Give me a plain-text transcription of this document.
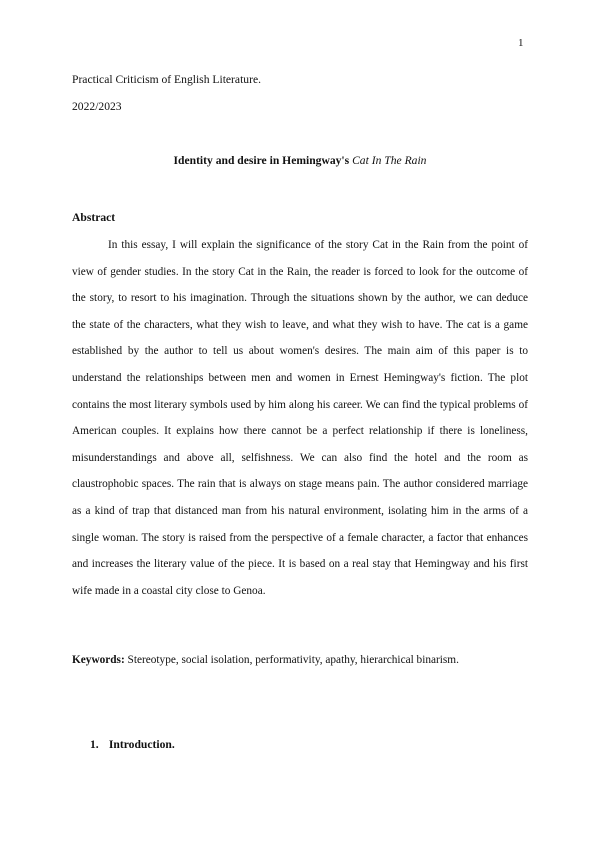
1
Practical Criticism of English Literature.
2022/2023
Identity and desire in Hemingway's Cat In The Rain
Abstract

In this essay, I will explain the significance of the story Cat in the Rain from the point of view of gender studies. In the story Cat in the Rain, the reader is forced to look for the outcome of the story, to resort to his imagination. Through the situations shown by the author, we can deduce the state of the characters, what they wish to leave, and what they wish to have. The cat is a game established by the author to tell us about women's desires. The main aim of this paper is to understand the relationships between men and women in Ernest Hemingway's fiction. The plot contains the most literary symbols used by him along his career. We can find the typical problems of American couples. It explains how there cannot be a perfect relationship if there is loneliness, misunderstandings and above all, selfishness. We can also find the hotel and the room as claustrophobic spaces. The rain that is always on stage means pain. The author considered marriage as a kind of trap that distanced man from his natural environment, isolating him in the arms of a single woman. The story is raised from the perspective of a female character, a factor that enhances and increases the literary value of the piece. It is based on a real stay that Hemingway and his first wife made in a coastal city close to Genoa.

Keywords: Stereotype, social isolation, performativity, apathy, hierarchical binarism.
1. Introduction.
